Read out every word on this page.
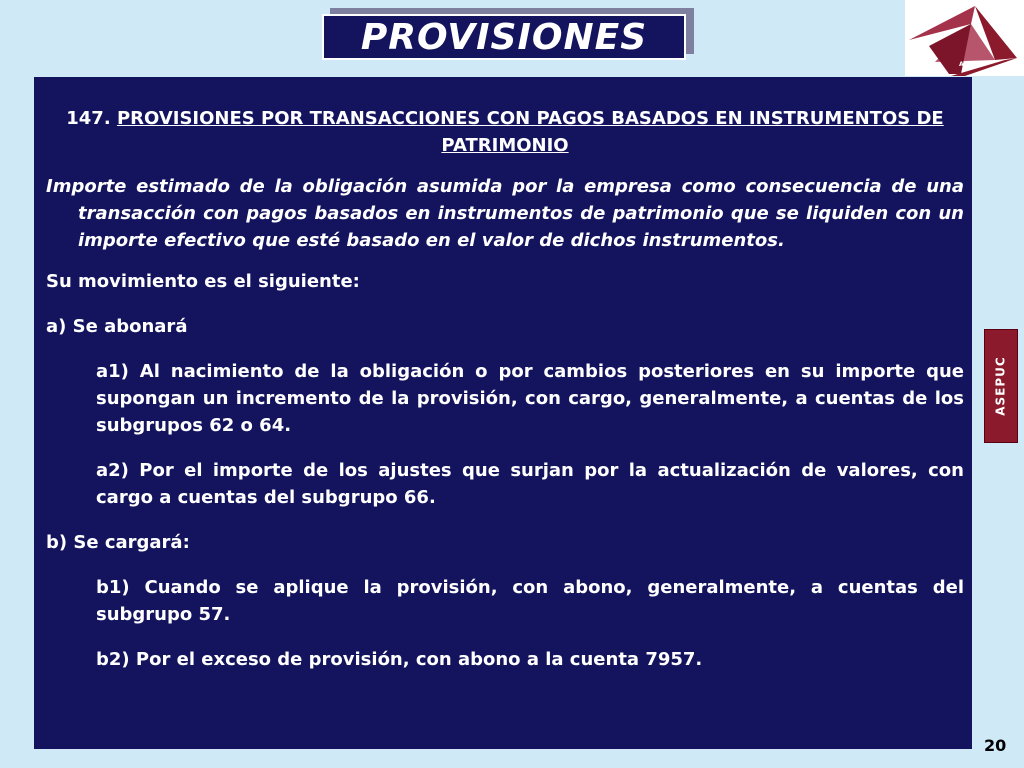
PROVISIONES
ASEPUC
147. PROVISIONES POR TRANSACCIONES CON PAGOS BASADOS EN INSTRUMENTOS DE PATRIMONIO
Importe estimado de la obligación asumida por la empresa como consecuencia de una transacción con pagos basados en instrumentos de patrimonio que se liquiden con un importe efectivo que esté basado en el valor de dichos instrumentos.
Su movimiento es el siguiente:
a) Se abonará
a1) Al nacimiento de la obligación o por cambios posteriores en su importe que supongan un incremento de la provisión, con cargo, generalmente, a cuentas de los subgrupos 62 o 64.
a2) Por el importe de los ajustes que surjan por la actualización de valores, con cargo a cuentas del subgrupo 66.
b) Se cargará:
b1) Cuando se aplique la provisión, con abono, generalmente, a cuentas del subgrupo 57.
b2) Por el exceso de provisión, con abono a la cuenta 7957.
ASEPUC
20
